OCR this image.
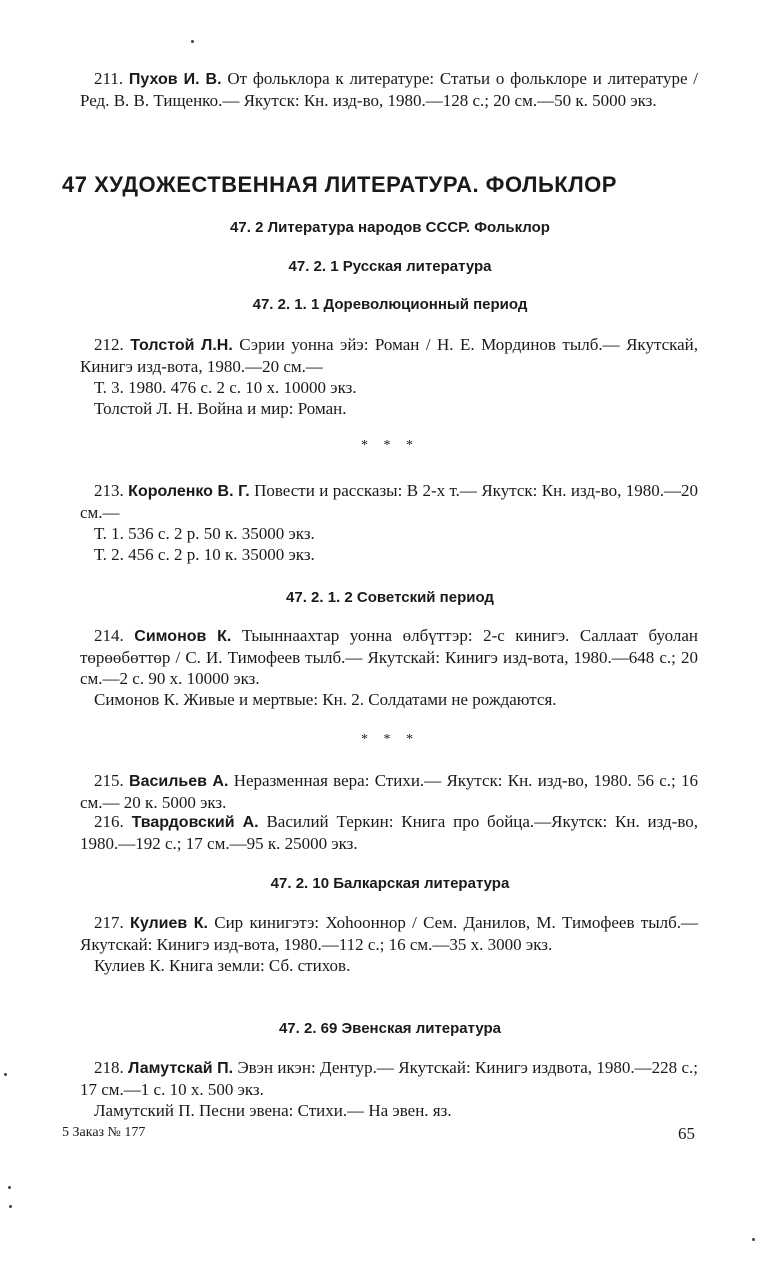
211. Пухов И. В. От фольклора к литературе: Статьи о фольклоре и литературе / Ред. В. В. Тищенко.— Якутск: Кн. изд-во, 1980.—128 с.; 20 см.—50 к. 5000 экз.

47 ХУДОЖЕСТВЕННАЯ ЛИТЕРАТУРА. ФОЛЬКЛОР
47. 2 Литература народов СССР. Фольклор
47. 2. 1 Русская литература
47. 2. 1. 1 Дореволюционный период

212. Толстой Л.Н. Сэрии уонна эйэ: Роман / Н. Е. Мординов тылб.— Якутскай, Кинигэ изд-вота, 1980.—20 см.—

Т. 3. 1980. 476 с. 2 с. 10 х. 10000 экз.

Толстой Л. Н. Война и мир: Роман.

* * *

213. Короленко В. Г. Повести и рассказы: В 2-х т.— Якутск: Кн. изд-во, 1980.—20 см.—

Т. 1. 536 с. 2 р. 50 к. 35000 экз.

Т. 2. 456 с. 2 р. 10 к. 35000 экз.

47. 2. 1. 2 Советский период

214. Симонов К. Тыыннаахтар уонна өлбүттэр: 2-с кинигэ. Саллаат буолан төрөөбөттөр / С. И. Тимофеев тылб.— Якутскай: Кинигэ изд-вота, 1980.—648 с.; 20 см.—2 с. 90 х. 10000 экз.

Симонов К. Живые и мертвые: Кн. 2. Солдатами не рождаются.

* * *

215. Васильев А. Неразменная вера: Стихи.— Якутск: Кн. изд-во, 1980. 56 с.; 16 см.— 20 к. 5000 экз.

216. Твардовский А. Василий Теркин: Книга про бойца.—Якутск: Кн. изд-во, 1980.—192 с.; 17 см.—95 к. 25000 экз.

47. 2. 10 Балкарская литература

217. Кулиев К. Сир кинигэтэ: Хоһооннор / Сем. Данилов, М. Тимофеев тылб.— Якутскай: Кинигэ изд-вота, 1980.—112 с.; 16 см.—35 х. 3000 экз.

Кулиев К. Книга земли: Сб. стихов.

47. 2. 69 Эвенская литература

218. Ламутскай П. Эвэн икэн: Дентур.— Якутскай: Кинигэ издвота, 1980.—228 с.; 17 см.—1 с. 10 х. 500 экз.

Ламутский П. Песни эвена: Стихи.— На эвен. яз.

5 Заказ № 177	65
